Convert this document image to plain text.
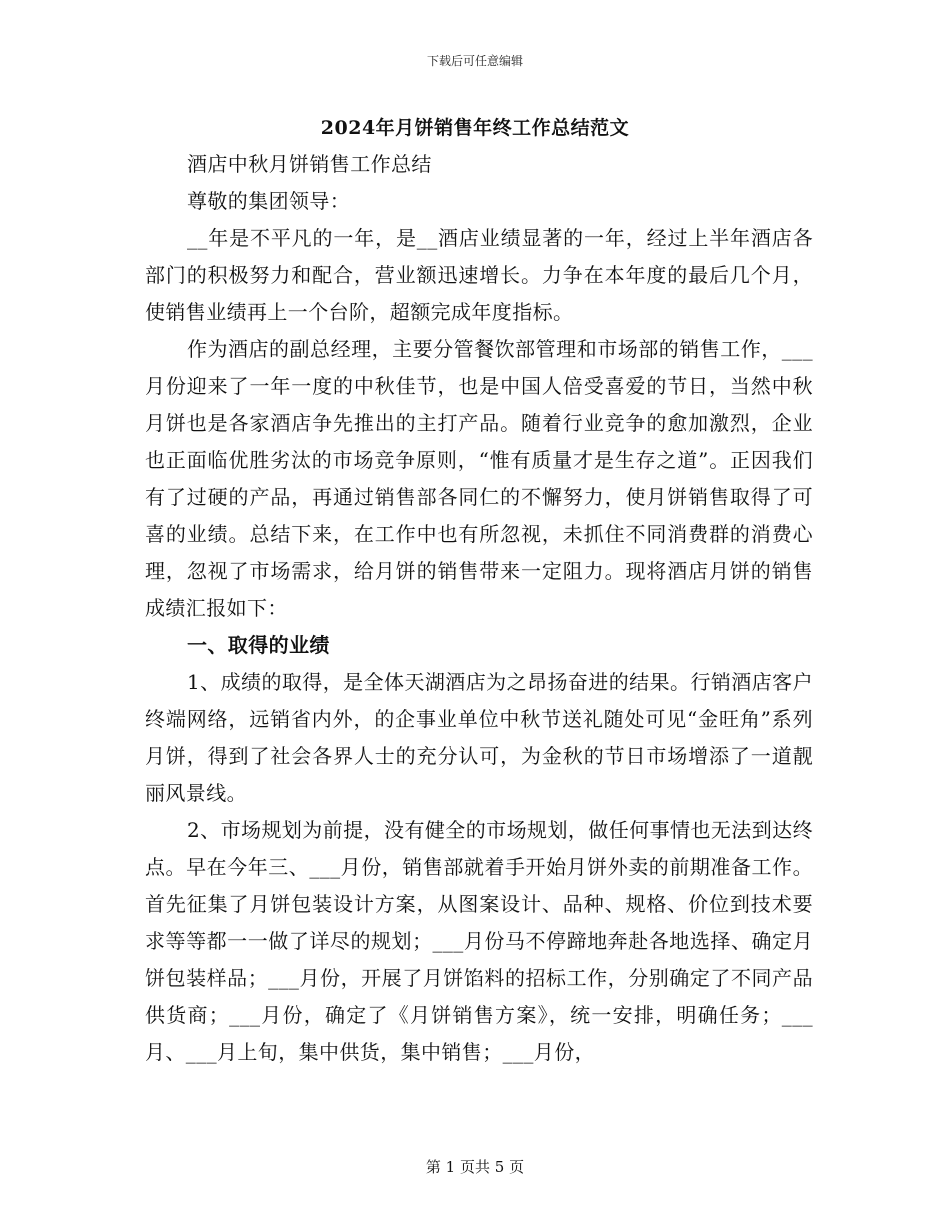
下载后可任意编辑
2024年月饼销售年终工作总结范文

酒店中秋月饼销售工作总结

尊敬的集团领导：

__年是不平凡的一年，是__酒店业绩显著的一年，经过上半年酒店各部门的积极努力和配合，营业额迅速增长。力争在本年度的最后几个月，使销售业绩再上一个台阶，超额完成年度指标。

作为酒店的副总经理，主要分管餐饮部管理和市场部的销售工作，___月份迎来了一年一度的中秋佳节，也是中国人倍受喜爱的节日，当然中秋月饼也是各家酒店争先推出的主打产品。随着行业竞争的愈加激烈，企业也正面临优胜劣汰的市场竞争原则，“惟有质量才是生存之道”。正因我们有了过硬的产品，再通过销售部各同仁的不懈努力，使月饼销售取得了可喜的业绩。总结下来，在工作中也有所忽视，未抓住不同消费群的消费心理，忽视了市场需求，给月饼的销售带来一定阻力。现将酒店月饼的销售成绩汇报如下：

一、取得的业绩

1、成绩的取得，是全体天湖酒店为之昂扬奋进的结果。行销酒店客户终端网络，远销省内外，的企事业单位中秋节送礼随处可见“金旺角”系列月饼，得到了社会各界人士的充分认可，为金秋的节日市场增添了一道靓丽风景线。

2、市场规划为前提，没有健全的市场规划，做任何事情也无法到达终点。早在今年三、___月份，销售部就着手开始月饼外卖的前期准备工作。首先征集了月饼包装设计方案，从图案设计、品种、规格、价位到技术要求等等都一一做了详尽的规划；___月份马不停蹄地奔赴各地选择、确定月饼包装样品；___月份，开展了月饼馅料的招标工作，分别确定了不同产品供货商；___月份，确定了《月饼销售方案》，统一安排，明确任务；___月、___月上旬，集中供货，集中销售；___月份，

第 1 页共 5 页
